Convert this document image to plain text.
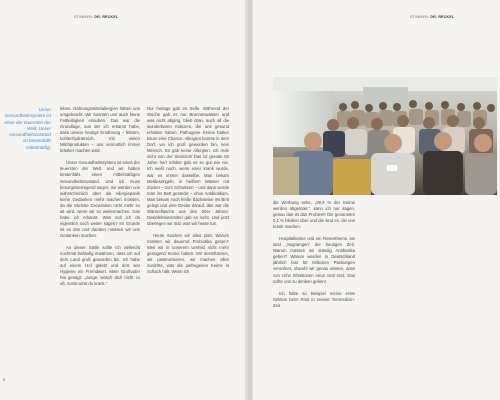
STIMMEN: DR. RECKEL
Unser Gesundheitssystem ist einer der teuersten der Welt. Unser Gesundheitszustand ist bestenfalls mittelmäßig.

leben. Nahrungsmittelallergien hätten uns umgebracht. Wir konnten uns auch keine Fettleibigkeit erlauben. Das war die Grundlage, aus der ich erkannt habe, dass unsere heutige Ernährung – fettarm, kohlenhydratreich, mit vielen Milchprodukten – uns vermutlich immer kränker machen wird.

Unser Gesundheitssystem ist eines der teuersten der Welt, und wir haben bestenfalls einen mittelmäßigen Gesundheitszustand. Und ich muss besorgniserregend sagen, wir werden uns wahrscheinlich über die Allergiepanik keine Gedanken mehr machen müssen, da die nächste Generation nicht mehr so alt wird, wenn wir so weitermachen. Das habe ich erkannt. Was soll ich da eigentlich noch weiter sagen? Im Grunde ist es das und darüber müssen wir uns Gedanken machen.

An dieser Stelle sollte ich vielleicht nochmal beiläufig erwähnen, dass ich auf dem Land groß geworden bin. Ich habe auf einem Hof gelebt und dort war Hygiene ein Fremdwort. Mein Großvater hat gesagt: „Junge, wasch dich nicht zu oft, sonst wirst du krank.“

Nur freitags gab es Seife. Während der Woche gab es nur Brunnenwasser und was nicht abging, blieb dran, auch all die wunderbaren Kulturen, die uns gesund erhalten haben. Pathogene Keime hatten kaum eine Chance. Allergien kannte in dem Dorf, wo ich groß geworden bin, kein Mensch. Es gab keine Allergien. Ich rede nicht von der Steinzeit! Das ist gerade 50 Jahre her! Infekte gab es so gut wie nie. Ich weiß noch, wenn einer krank wurde, war es immer dasselbe. Man bekam Meldesengeln, in heißem Wasser mit Zucker – zum Schwitzen – und dann wurde man ins Bett gesteckt – ohne Antibiotikum. Man bekam noch heiße Backsteine ins Bett gelegt und eine Decke darauf, das war die Wärmeflasche aus den 50er Jahren. Desinfektionsmittel gab es nicht. Und jetzt überlegen wir mal, was wir heute tun.

Heute machen wir alles platt. Warum müssen wir dauernd Probiotika geben? Weil wir in unserem Umfeld nicht mehr genügend Keime haben. Wir desinfizieren, wir pasteurisieren, wir machen alles zunichte, was die pathogenen Keime in Schach hält. Wenn ich

6
STIMMEN: DR. RECKEL

die Werbung sehe, „99,9 % der Keime werden abgetötet.“, kann ich nur sagen, genau das ist das Problem! Die genannten 0,1 % bleiben über und die sind es, die uns krank machen.

Hospitalkeime und ein Resenthems, sie sind „Segnungen“ der heutigen Zeit. Warum müssen wir ständig Antibiotika geben? Warum werden in Deutschland jährlich fast 50 Millionen Packungen verordnet, obwohl wir genau wissen, dass von zehn Infektionen neun viral sind. Das sollte uns zu denken geben!

Ich habe so Beispiel meine erste Sektion beim Rind in meiner Tiermedizin-Zeit
